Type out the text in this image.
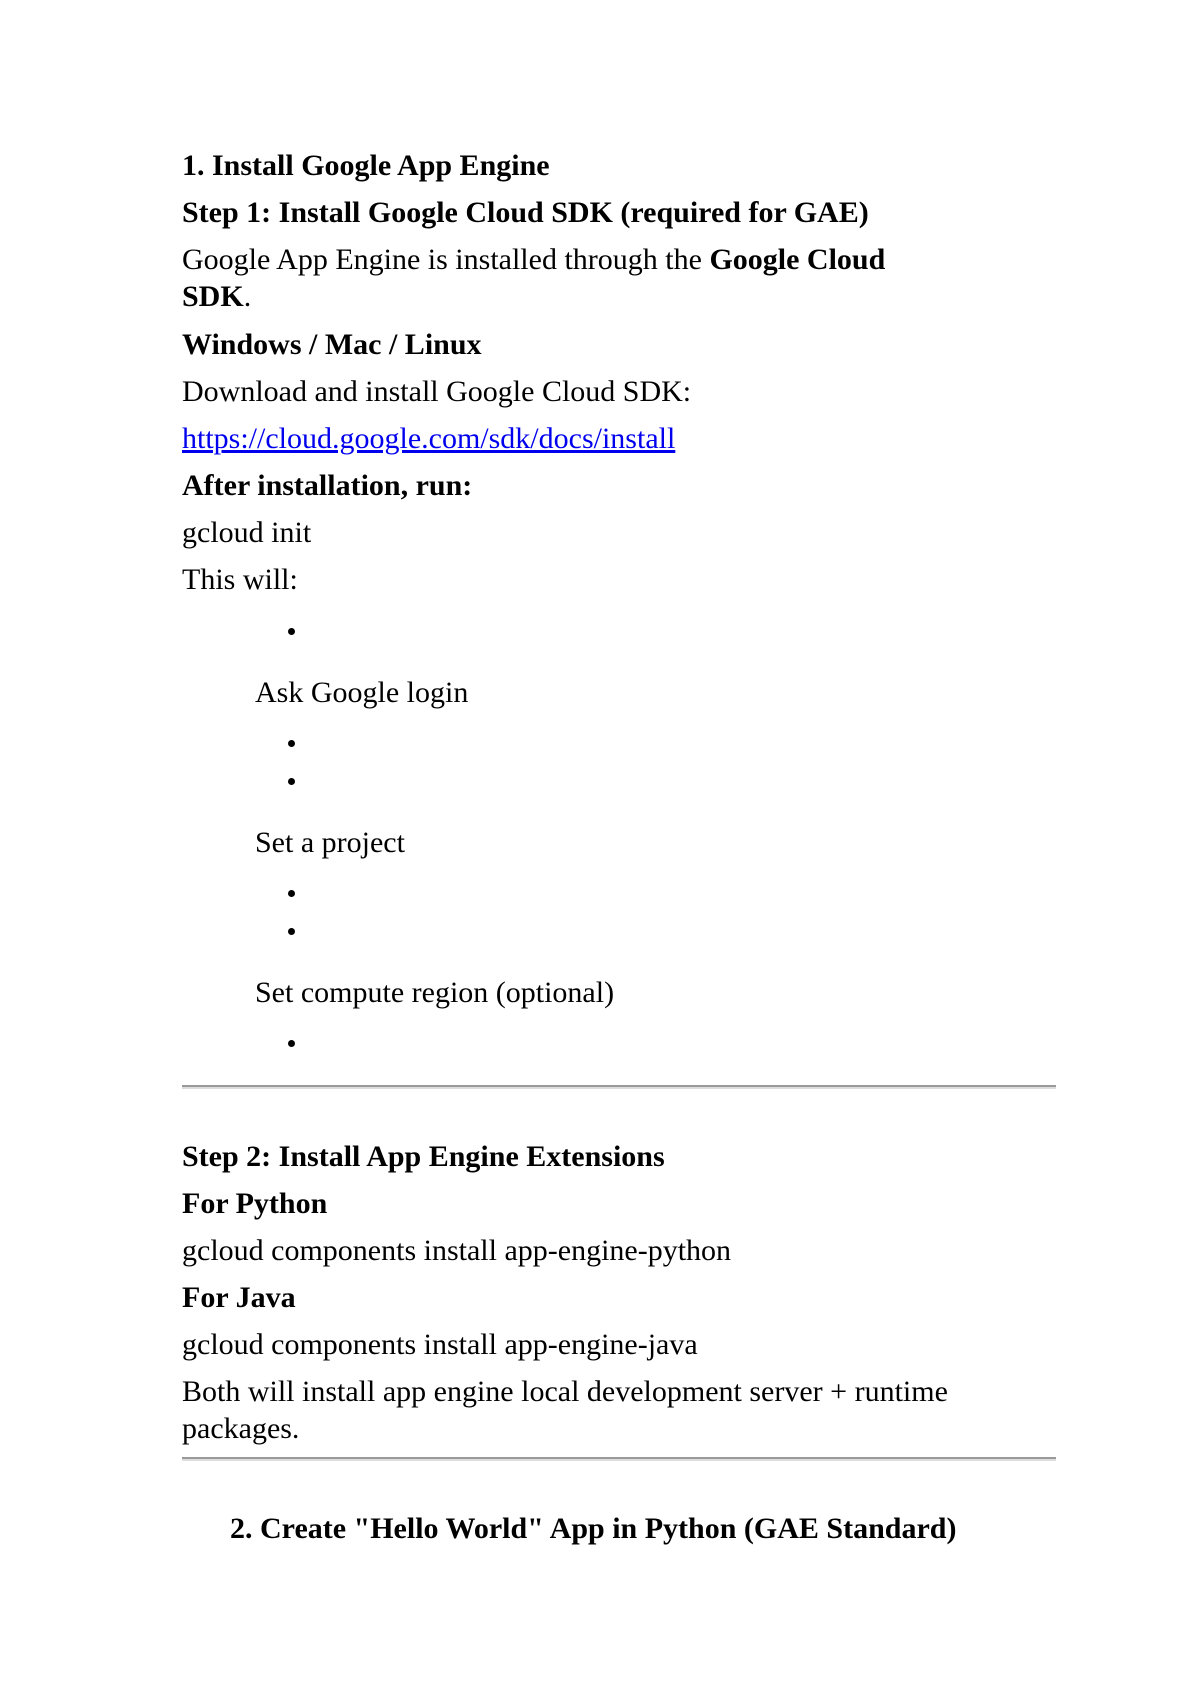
1. Install Google App Engine
Step 1: Install Google Cloud SDK (required for GAE)
Google App Engine is installed through the Google Cloud
SDK.
Windows / Mac / Linux
Download and install Google Cloud SDK:
https://cloud.google.com/sdk/docs/install
After installation, run:
gcloud init
This will:
Ask Google login
Set a project
Set compute region (optional)
Step 2: Install App Engine Extensions
For Python
gcloud components install app-engine-python
For Java
gcloud components install app-engine-java
Both will install app engine local development server + runtime
packages.
2. Create "Hello World" App in Python (GAE Standard)
